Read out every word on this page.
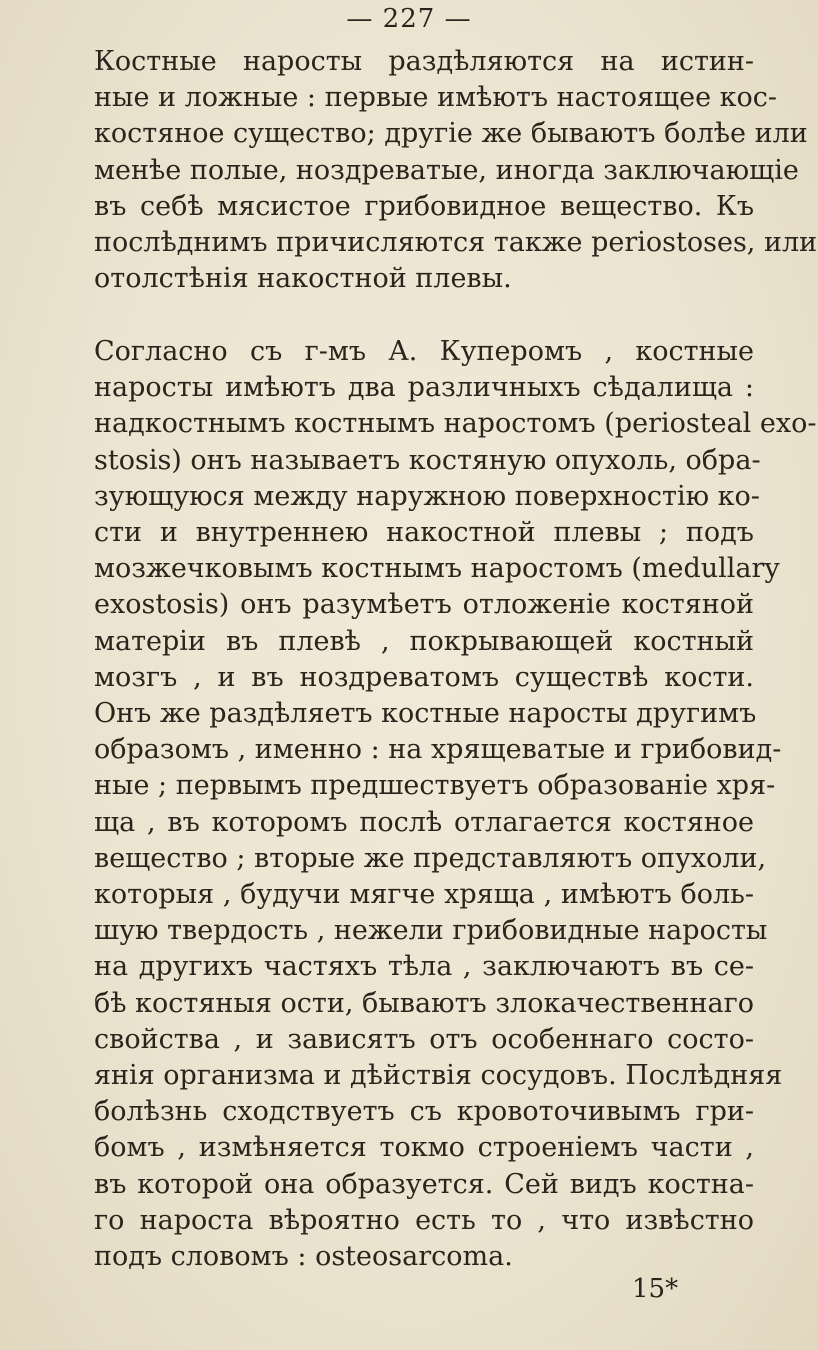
— 227 —
Костные наросты раздѣляются на истин-
ные и ложные : первые имѣютъ настоящее кос-
костяное существо; другіе же бываютъ болѣе или
менѣе полые, ноздреватые, иногда заключающіе
въ себѣ мясистое грибовидное вещество. Къ
послѣднимъ причисляются также periostoses, или
отолстѣнія накостной плевы.
Согласно съ г-мъ А. Куперомъ , костные
наросты имѣютъ два различныхъ сѣдалища :
надкостнымъ костнымъ наростомъ (periosteal exo-
stosis) онъ называетъ костяную опухоль, обра-
зующуюся между наружною поверхностію ко-
сти и внутреннею накостной плевы ; подъ
мозжечковымъ костнымъ наростомъ (medullary
exostosis) онъ разумѣетъ отложеніе костяной
матеріи въ плевѣ , покрывающей костный
мозгъ , и въ ноздреватомъ существѣ кости.
Онъ же раздѣляетъ костные наросты другимъ
образомъ , именно : на хрящеватые и грибовид-
ные ; первымъ предшествуетъ образованіе хря-
ща , въ которомъ послѣ отлагается костяное
вещество ; вторые же представляютъ опухоли,
которыя , будучи мягче хряща , имѣютъ боль-
шую твердость , нежели грибовидные наросты
на другихъ частяхъ тѣла , заключаютъ въ се-
бѣ костяныя ости, бываютъ злокачественнаго
свойства , и зависятъ отъ особеннаго состо-
янія организма и дѣйствія сосудовъ. Послѣдняя
болѣзнь сходствуетъ съ кровоточивымъ гри-
бомъ , измѣняется токмо строеніемъ части ,
въ которой она образуется. Сей видъ костна-
го нароста вѣроятно есть то , что извѣстно
подъ словомъ : osteosarcoma.
15*
